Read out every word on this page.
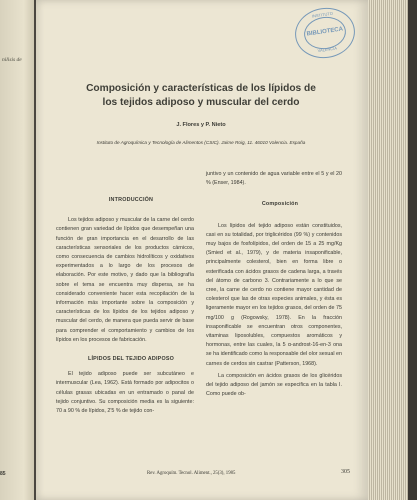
nilisis de
85
INSTITUTO
BIBLIOTECA
VALENCIA
Composición y características de los lípidos de
los tejidos adiposo y muscular del cerdo
J. Flores y P. Nieto
Instituto de Agroquímica y Tecnología de Alimentos (CSIC). Jaime Roig, 11. 46010 Valencia. España

INTRODUCCIÓN

Los tejidos adiposo y muscular de la carne del cerdo contienen gran variedad de lípidos que desempeñan una función de gran importancia en el desarrollo de las características sensoriales de los productos cárnicos, como consecuencia de cambios hidrolíticos y oxidativos experimentados a lo largo de los procesos de elaboración. Por este motivo, y dado que la bibliografía sobre el tema se encuentra muy dispersa, se ha considerado conveniente hacer esta recopilación de la información más importante sobre la composición y características de los lípidos de los tejidos adiposo y muscular del cerdo, de manera que pueda servir de base para comprender el comportamiento y cambios de los lípidos en los procesos de fabricación.

LÍPIDOS DEL TEJIDO ADIPOSO

El tejido adiposo puede ser subcutáneo e intermuscular (Lea, 1962). Está formado por adipocitos o células grasas ubicadas en un entramado o panal de tejido conjuntivo. Su composición media es la siguiente: 70 a 90 % de lípidos, 2'5 % de tejido con-

juntivo y un contenido de agua variable entre el 5 y el 20 % (Enser, 1984).

Composición

Los lípidos del tejido adiposo están constituidos, casi en su totalidad, por triglicéridos (99 %) y contenidos muy bajos de fosfolípidos, del orden de 15 a 25 mg/Kg (Smied et al., 1979), y de materia insaponificable, principalmente colesterol, bien en forma libre o esterificada con ácidos grasos de cadena larga, a través del átomo de carbono 3. Contrariamente a lo que se cree, la carne de cerdo no contiene mayor cantidad de colesterol que las de otras especies animales, y ésta es ligeramente mayor en los tejidos grasos, del orden de 75 mg/100 g (Rogowsky, 1978). En la fracción insaponificable se encuentran otros componentes, vitaminas liposolubles, compuestos aromáticos y hormonas, entre las cuales, la 5 α-androst-16-en-3 ona se ha identificado como la responsable del olor sexual en carnes de cerdos sin castrar (Patterson, 1968).

La composición en ácidos grasos de los glicéridos del tejido adiposo del jamón se especifica en la tabla I. Como puede ob-

Rev. Agroquím. Tecnol. Aliment., 25(3), 1985	305
